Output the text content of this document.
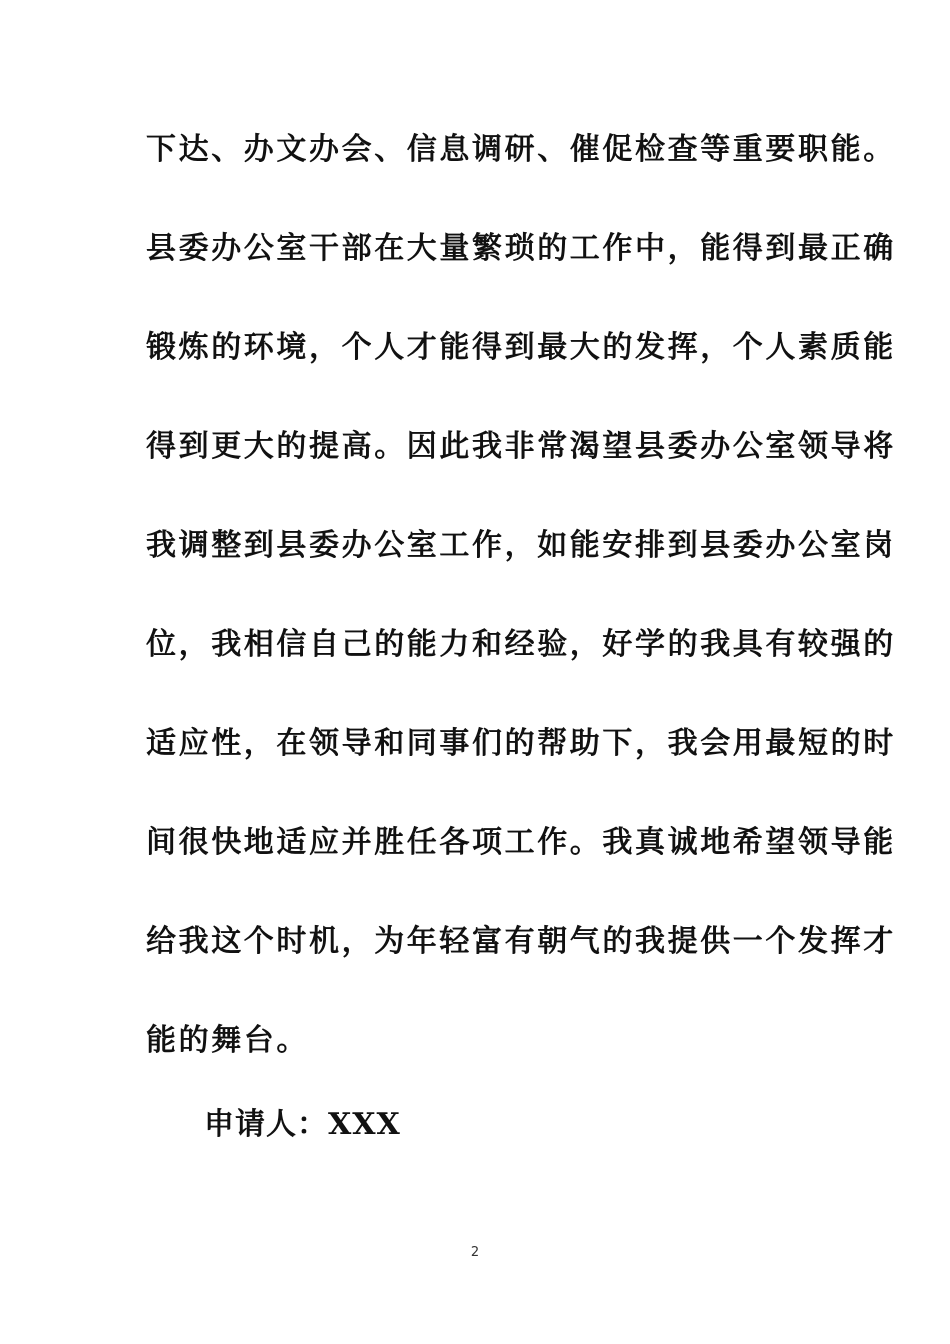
下达、办文办会、信息调研、催促检查等重要职能。
县委办公室干部在大量繁琐的工作中，能得到最正确
锻炼的环境，个人才能得到最大的发挥，个人素质能
得到更大的提高。因此我非常渴望县委办公室领导将
我调整到县委办公室工作，如能安排到县委办公室岗
位，我相信自己的能力和经验，好学的我具有较强的
适应性，在领导和同事们的帮助下，我会用最短的时
间很快地适应并胜任各项工作。我真诚地希望领导能
给我这个时机，为年轻富有朝气的我提供一个发挥才
能的舞台。
申请人：XXX
2
